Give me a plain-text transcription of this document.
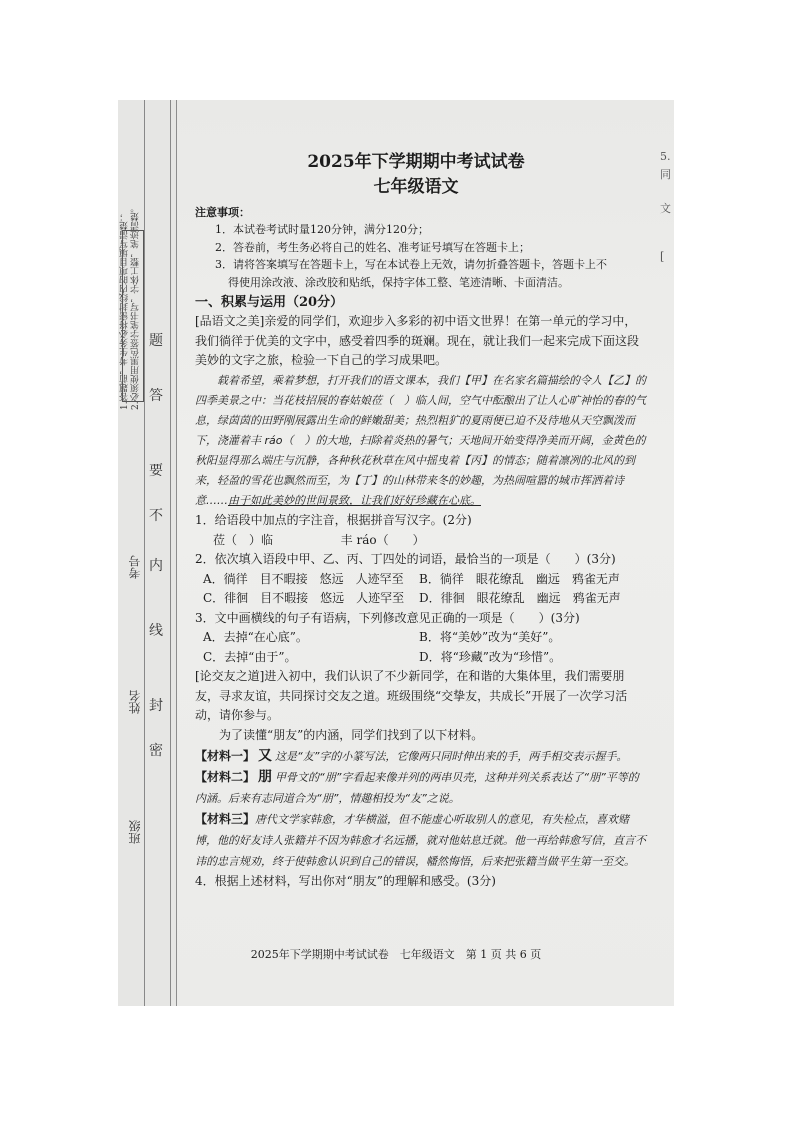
1.答题前，考生务必将密封线内的项目填写清楚； 2.必须使用黑色签字笔书写，字体工整，笔迹清楚。
姓名
考号
班级
题
答
要
不
内
线
封
密
2025年下学期期中考试试卷　七年级语文　第 1 页 共 6 页
5.
同
文
[
2025年下学期期中考试试卷
七年级语文
注意事项：
1．本试卷考试时量120分钟，满分120分；
2．答卷前，考生务必将自己的姓名、准考证号填写在答题卡上；
3．请将答案填写在答题卡上，写在本试卷上无效，请勿折叠答题卡，答题卡上不
得使用涂改液、涂改胶和贴纸，保持字体工整、笔迹清晰、卡面清洁。
一、积累与运用（20分）
[品语文之美]亲爱的同学们，欢迎步入多彩的初中语文世界！在第一单元的学习中，我们徜徉于优美的文字中，感受着四季的斑斓。现在，就让我们一起来完成下面这段美妙的文字之旅，检验一下自己的学习成果吧。
载着希望，乘着梦想，打开我们的语文课本，我们【甲】在名家名篇描绘的令人【乙】的四季美景之中：当花枝招展的春姑娘莅（　）临人间，空气中酝酿出了让人心旷神怡的春的气息，绿茵茵的田野刚展露出生命的鲜嫩甜美；热烈粗犷的夏雨便已迫不及待地从天空飘泼而下，浇灌着丰 ráo（　）的大地，扫除着炎热的暑气；天地间开始变得净美而开阔，金黄色的秋阳显得那么端庄与沉静，各种秋花秋草在风中摇曳着【丙】的情态；随着凛冽的北风的到来，轻盈的雪花也飘然而至，为【丁】的山林带来冬的妙趣，为热闹喧嚣的城市挥洒着诗意……由于如此美妙的世间景致，让我们好好珍藏在心底。
1．给语段中加点的字注音，根据拼音写汉字。(2分)
莅（　）临	丰 ráo（　　）
2．依次填入语段中甲、乙、丙、丁四处的词语，最恰当的一项是（　　）(3分)
A．徜徉　目不暇接　悠远　人迹罕至	B．徜徉　眼花缭乱　幽远　鸦雀无声
C．徘徊　目不暇接　悠远　人迹罕至	D．徘徊　眼花缭乱　幽远　鸦雀无声
3．文中画横线的句子有语病，下列修改意见正确的一项是（　　）(3分)
A．去掉“在心底”。	B．将“美妙”改为“美好”。
C．去掉“由于”。	D．将“珍藏”改为“珍惜”。
[论交友之道]进入初中，我们认识了不少新同学，在和谐的大集体里，我们需要朋友，寻求友谊，共同探讨交友之道。班级围绕“交挚友，共成长”开展了一次学习活动，请你参与。
为了读懂“朋友”的内涵，同学们找到了以下材料。
【材料一】 又 这是“友”字的小篆写法，它像两只同时伸出来的手，两手相交表示握手。
【材料二】 朋 甲骨文的“朋”字看起来像并列的两串贝壳，这种并列关系表达了“朋”平等的内涵。后来有志同道合为“朋”，情趣相投为“友”之说。
【材料三】唐代文学家韩愈，才华横溢，但不能虚心听取别人的意见，有失检点，喜欢赌博，他的好友诗人张籍并不因为韩愈才名远播，就对他姑息迁就。他一再给韩愈写信，直言不讳的忠言规劝，终于使韩愈认识到自己的错误，幡然悔悟，后来把张籍当做平生第一至交。
4．根据上述材料，写出你对“朋友”的理解和感受。(3分)
